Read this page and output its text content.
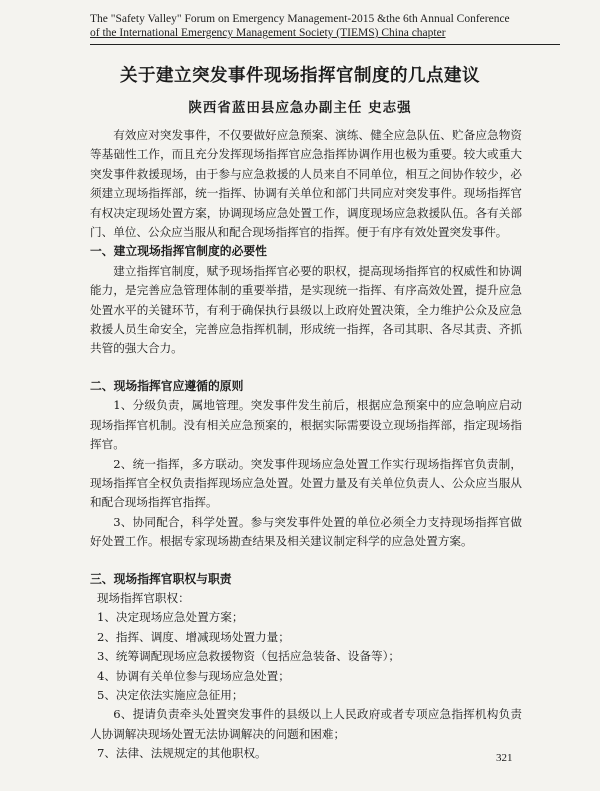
The "Safety Valley" Forum on Emergency Management-2015 &the 6th Annual Conference
of the International Emergency Management Society (TIEMS) China chapter
关于建立突发事件现场指挥官制度的几点建议
陕西省蓝田县应急办副主任 史志强

有效应对突发事件，不仅要做好应急预案、演练、健全应急队伍、贮备应急物资等基础性工作，而且充分发挥现场指挥官应急指挥协调作用也极为重要。较大或重大突发事件救援现场，由于参与应急救援的人员来自不同单位，相互之间协作较少，必须建立现场指挥部，统一指挥、协调有关单位和部门共同应对突发事件。现场指挥官有权决定现场处置方案，协调现场应急处置工作，调度现场应急救援队伍。各有关部门、单位、公众应当服从和配合现场指挥官的指挥。便于有序有效处置突发事件。

一、建立现场指挥官制度的必要性

建立指挥官制度，赋予现场指挥官必要的职权，提高现场指挥官的权威性和协调能力，是完善应急管理体制的重要举措，是实现统一指挥、有序高效处置，提升应急处置水平的关键环节，有利于确保执行县级以上政府处置决策，全力维护公众及应急救援人员生命安全，完善应急指挥机制，形成统一指挥，各司其职、各尽其责、齐抓共管的强大合力。

二、现场指挥官应遵循的原则

1、分级负责，属地管理。突发事件发生前后，根据应急预案中的应急响应启动现场指挥官机制。没有相关应急预案的，根据实际需要设立现场指挥部，指定现场指挥官。

2、统一指挥，多方联动。突发事件现场应急处置工作实行现场指挥官负责制，现场指挥官全权负责指挥现场应急处置。处置力量及有关单位负责人、公众应当服从和配合现场指挥官指挥。

3、协同配合，科学处置。参与突发事件处置的单位必须全力支持现场指挥官做好处置工作。根据专家现场勘查结果及相关建议制定科学的应急处置方案。

三、现场指挥官职权与职责

现场指挥官职权：

1、决定现场应急处置方案；

2、指挥、调度、增减现场处置力量；

3、统筹调配现场应急救援物资（包括应急装备、设备等）；

4、协调有关单位参与现场应急处置；

5、决定依法实施应急征用；

6、提请负责牵头处置突发事件的县级以上人民政府或者专项应急指挥机构负责人协调解决现场处置无法协调解决的问题和困难；

7、法律、法规规定的其他职权。	321
